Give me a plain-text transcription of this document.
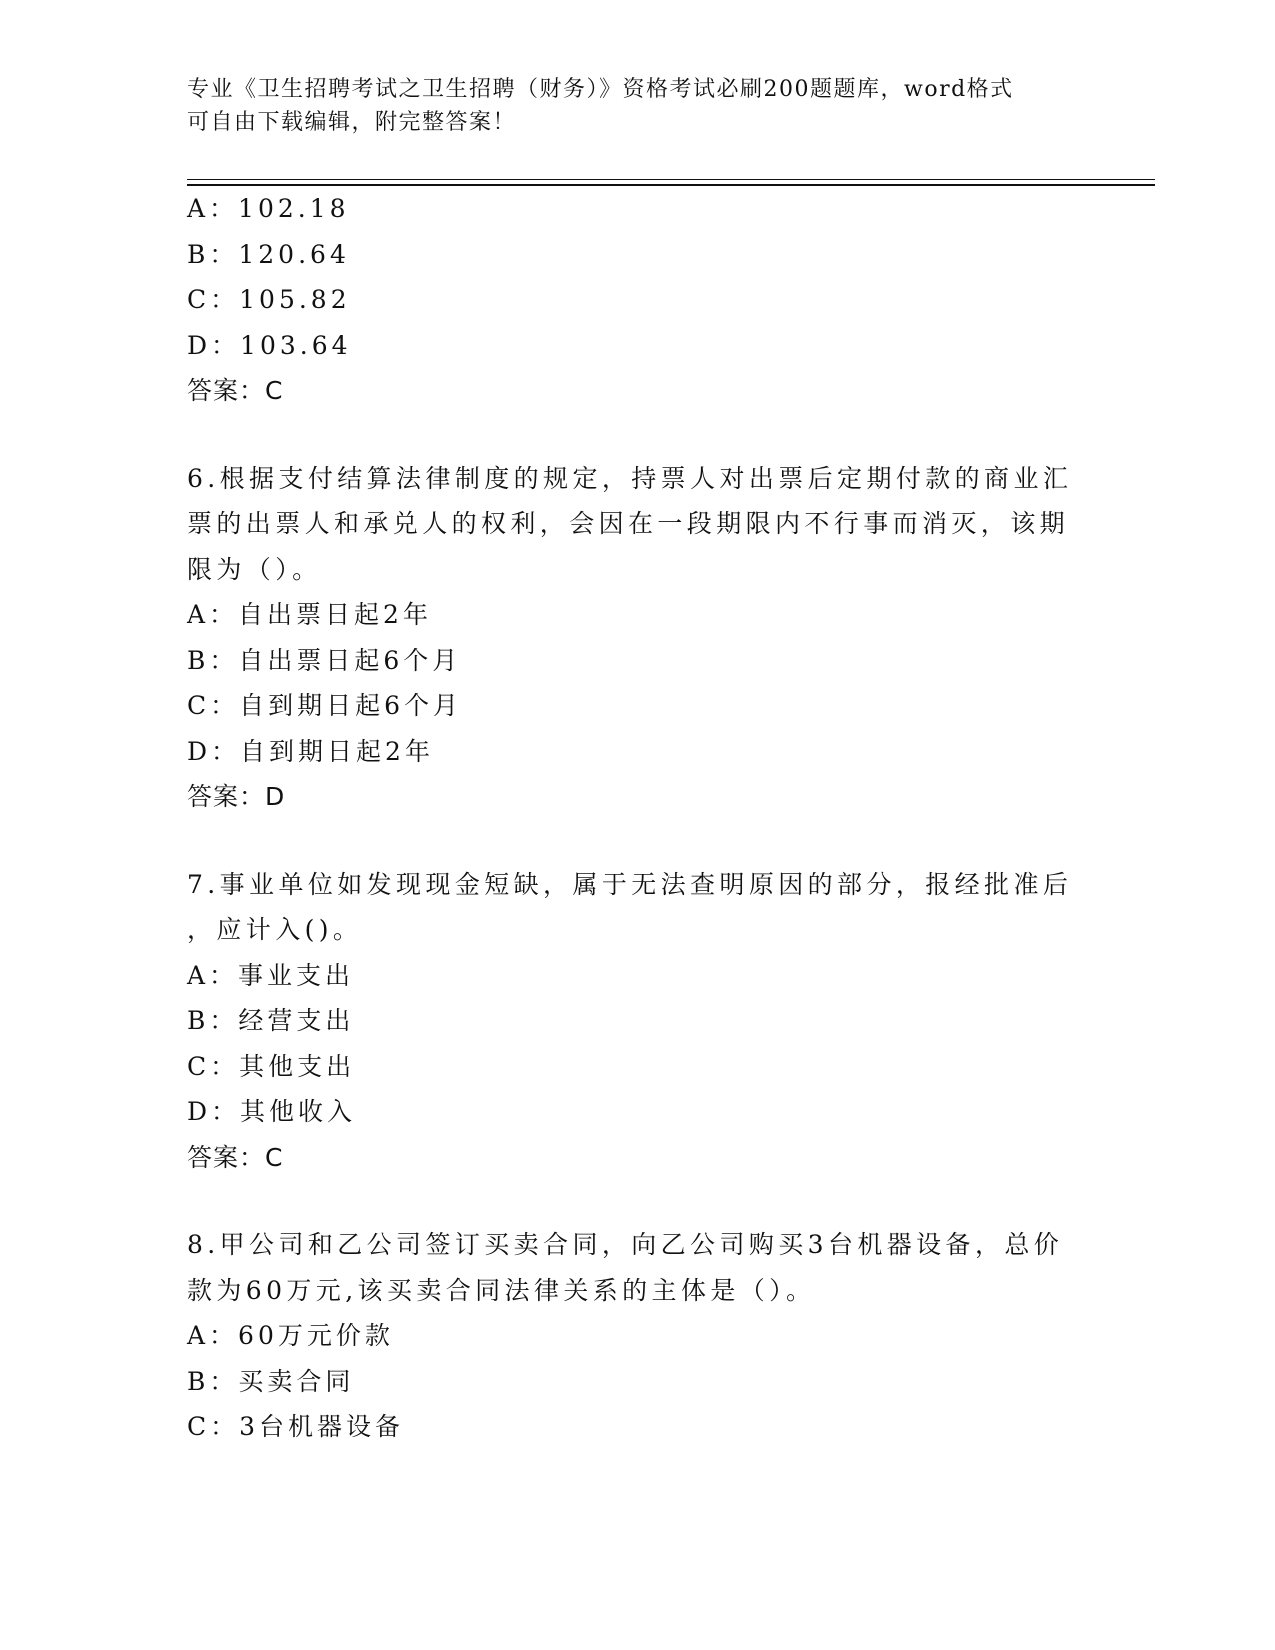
专业《卫生招聘考试之卫生招聘（财务）》资格考试必刷200题题库，word格式
可自由下载编辑，附完整答案！
A：102.18
B：120.64
C：105.82
D：103.64
答案：C
6.根据支付结算法律制度的规定，持票人对出票后定期付款的商业汇
票的出票人和承兑人的权利，会因在一段期限内不行事而消灭，该期
限为（）。
A：自出票日起2年
B：自出票日起6个月
C：自到期日起6个月
D：自到期日起2年
答案：D
7.事业单位如发现现金短缺，属于无法查明原因的部分，报经批准后
，应计入()。
A：事业支出
B：经营支出
C：其他支出
D：其他收入
答案：C
8.甲公司和乙公司签订买卖合同，向乙公司购买3台机器设备，总价
款为60万元,该买卖合同法律关系的主体是（）。
A：60万元价款
B：买卖合同
C：3台机器设备
